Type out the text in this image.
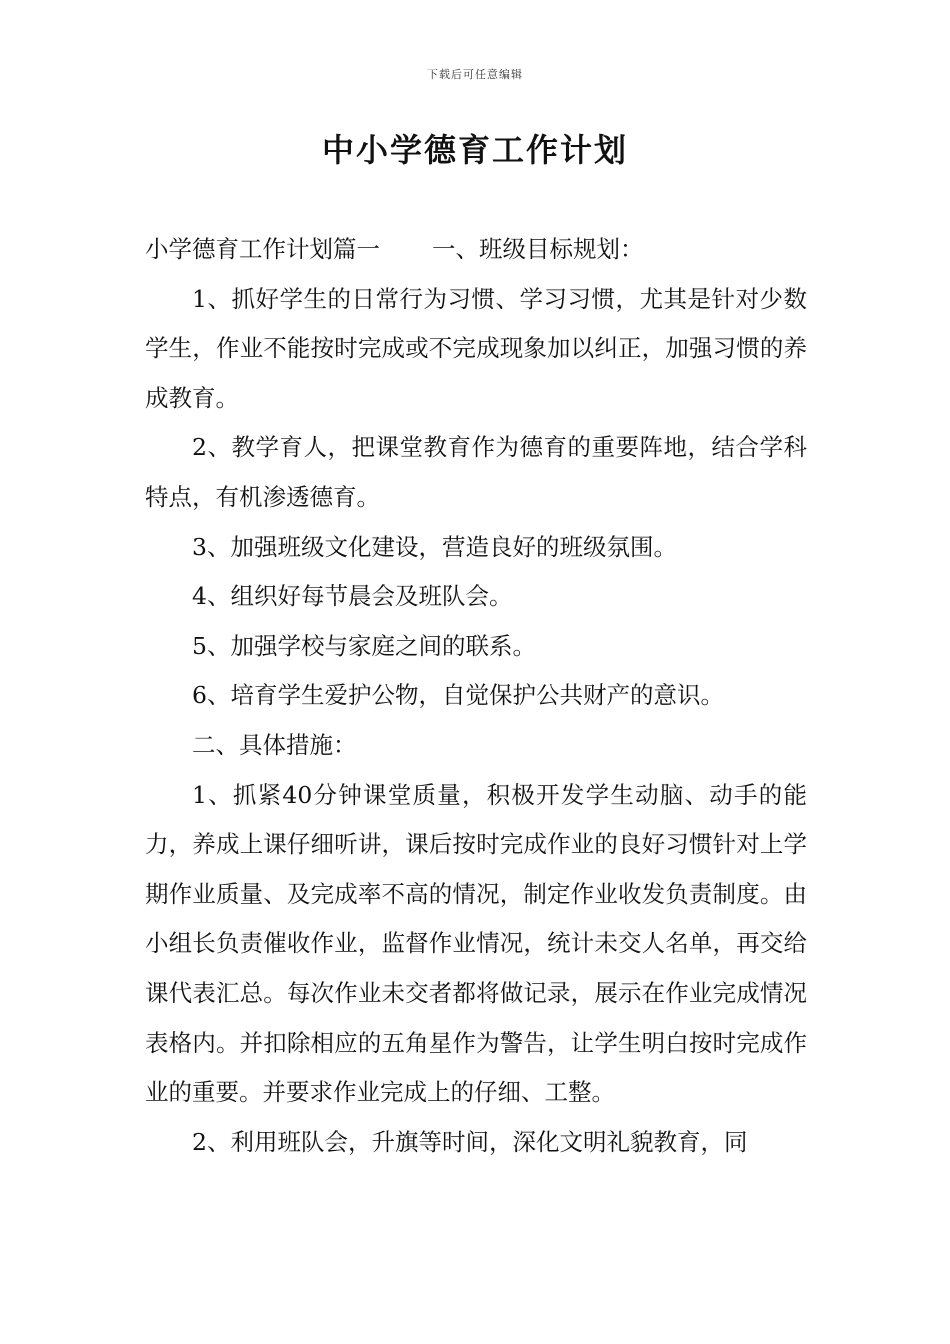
下载后可任意编辑
中小学德育工作计划

小学德育工作计划篇一 一、班级目标规划：

1、抓好学生的日常行为习惯、学习习惯，尤其是针对少数学生，作业不能按时完成或不完成现象加以纠正，加强习惯的养成教育。

2、教学育人，把课堂教育作为德育的重要阵地，结合学科特点，有机渗透德育。

3、加强班级文化建设，营造良好的班级氛围。

4、组织好每节晨会及班队会。

5、加强学校与家庭之间的联系。

6、培育学生爱护公物，自觉保护公共财产的意识。

二、具体措施：

1、抓紧40分钟课堂质量，积极开发学生动脑、动手的能力，养成上课仔细听讲，课后按时完成作业的良好习惯针对上学期作业质量、及完成率不高的情况，制定作业收发负责制度。由小组长负责催收作业，监督作业情况，统计未交人名单，再交给课代表汇总。每次作业未交者都将做记录，展示在作业完成情况表格内。并扣除相应的五角星作为警告，让学生明白按时完成作业的重要。并要求作业完成上的仔细、工整。

2、利用班队会，升旗等时间，深化文明礼貌教育，同
